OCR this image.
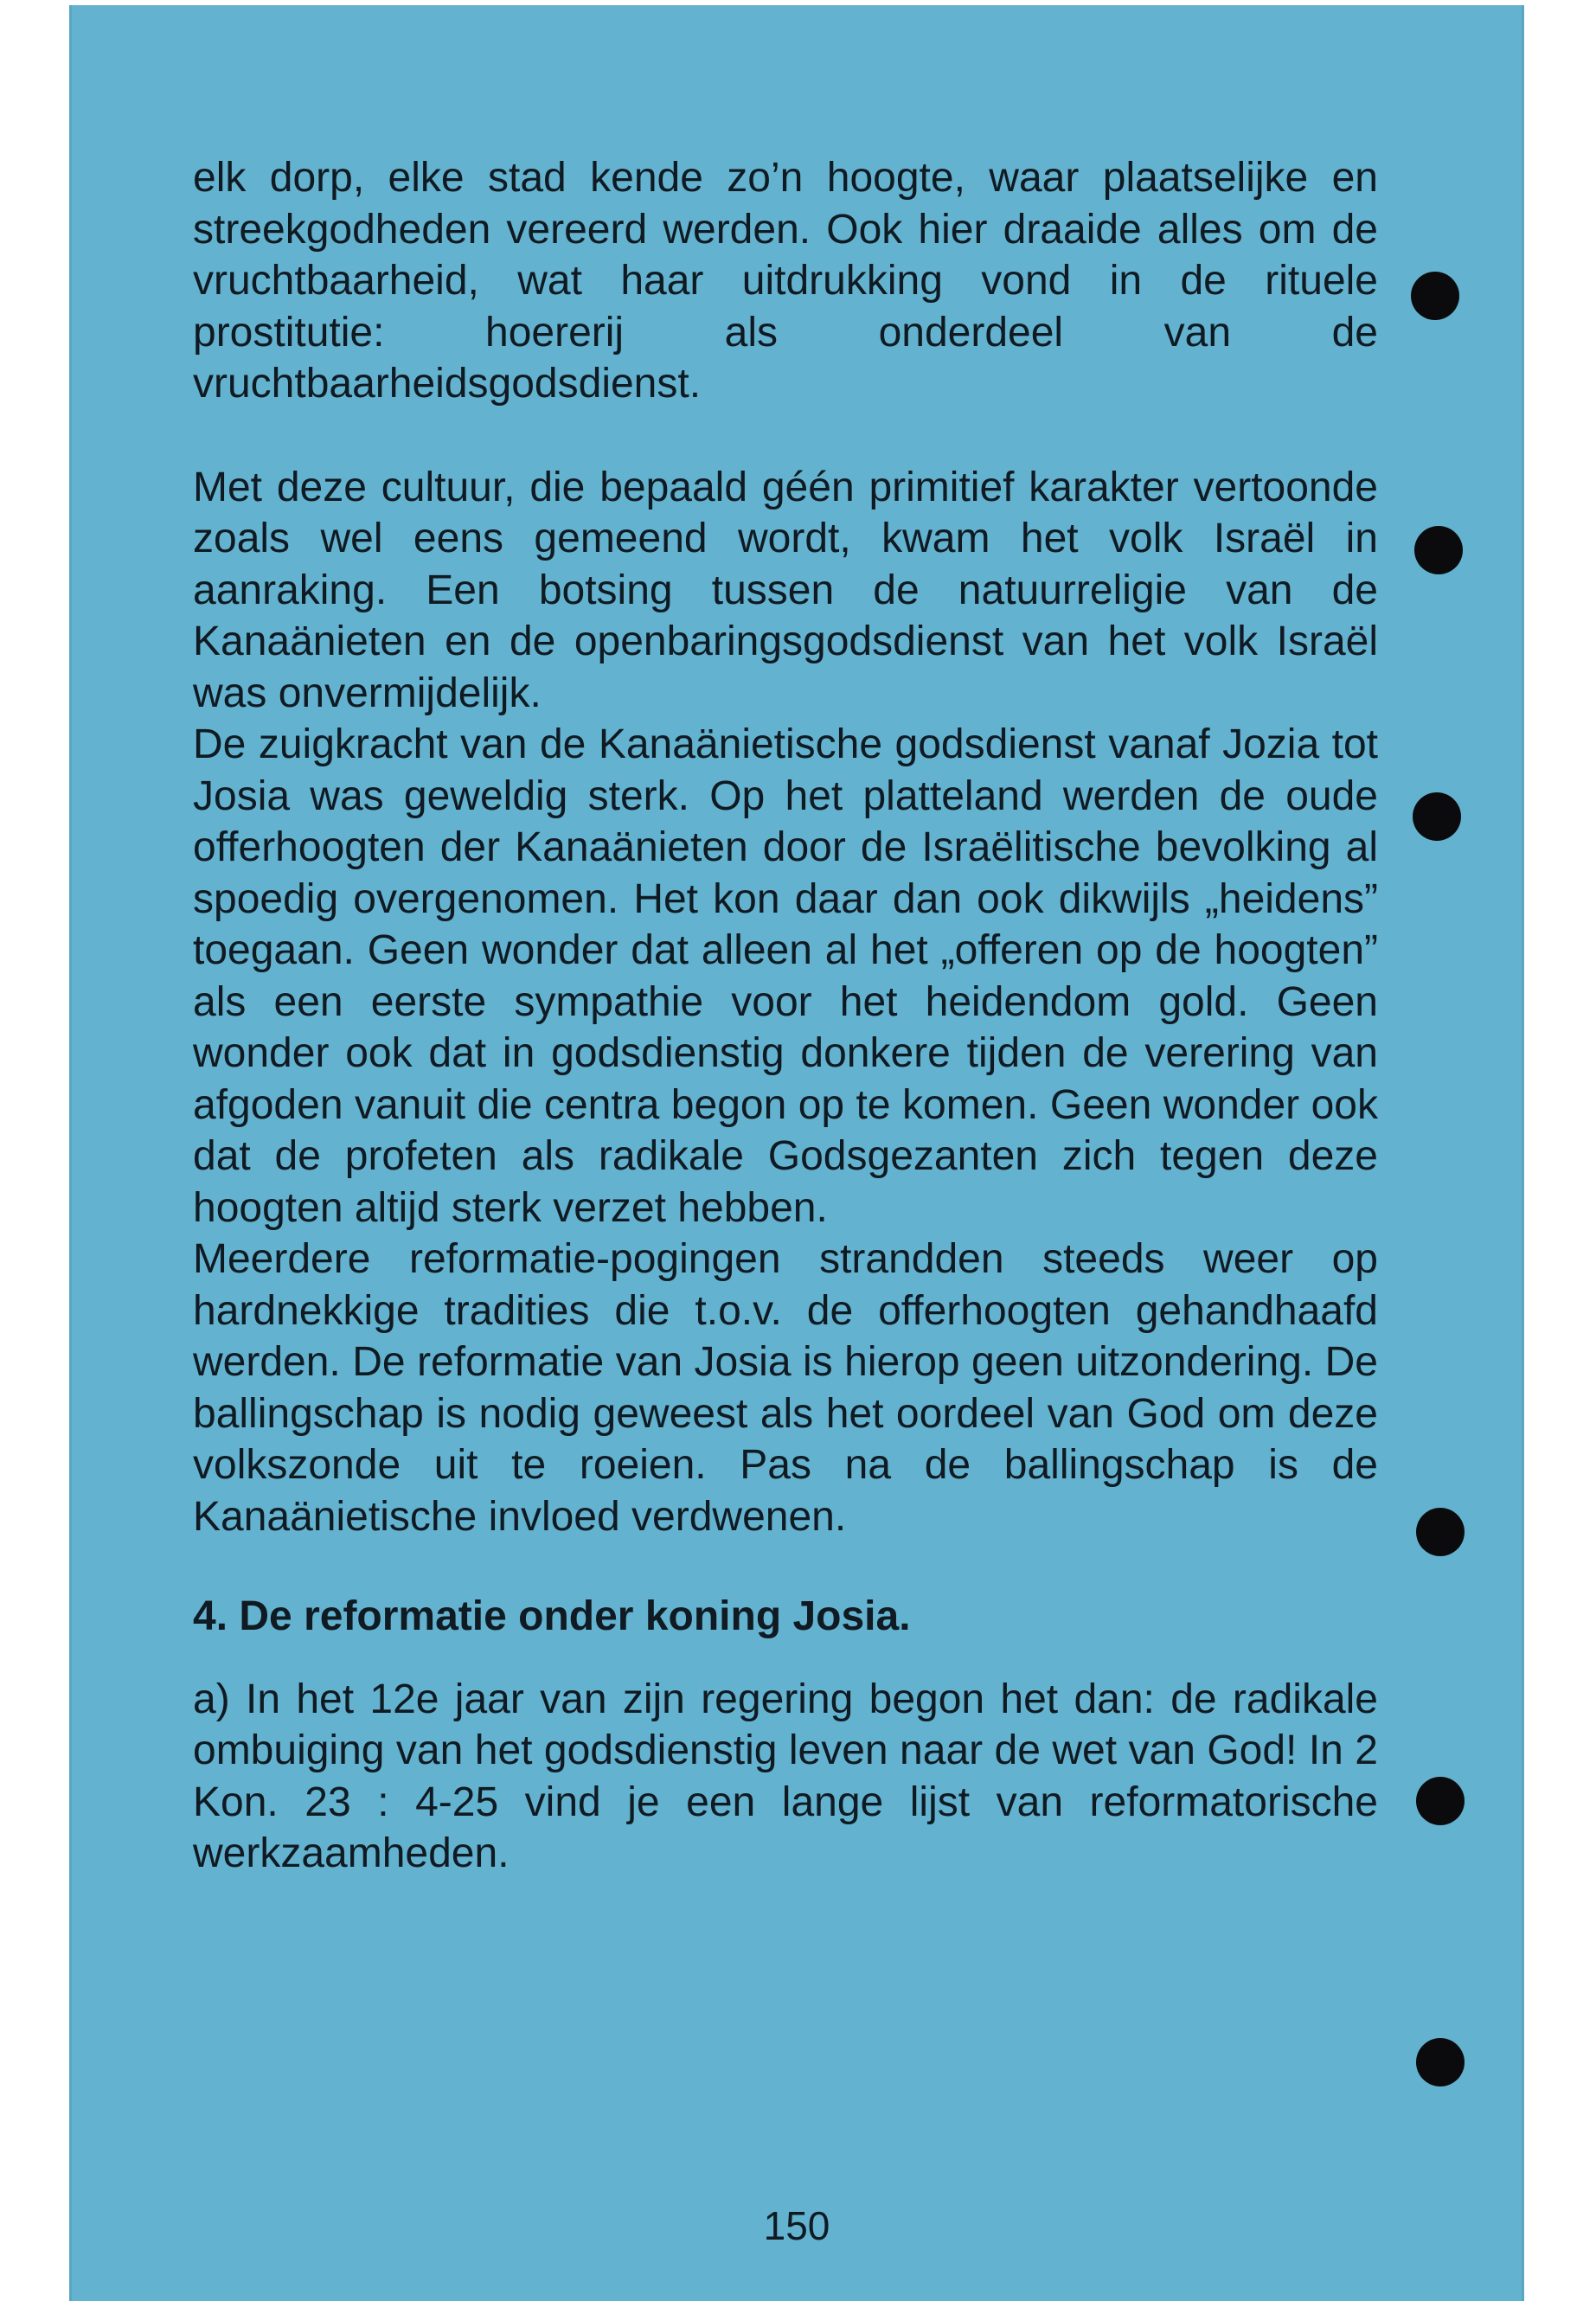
elk dorp, elke stad kende zo’n hoogte, waar plaatselijke en streekgodheden vereerd werden. Ook hier draaide alles om de vruchtbaarheid, wat haar uitdrukking vond in de rituele prostitutie: hoererij als onderdeel van de vruchtbaarheidsgodsdienst.

Met deze cultuur, die bepaald géén primitief karakter vertoonde zoals wel eens gemeend wordt, kwam het volk Israël in aanraking. Een botsing tussen de natuurreligie van de Kanaänieten en de openbaringsgodsdienst van het volk Israël was onvermijdelijk.

De zuigkracht van de Kanaänietische godsdienst vanaf Jozia tot Josia was geweldig sterk. Op het platteland werden de oude offerhoogten der Kanaänieten door de Israëlitische bevolking al spoedig overgenomen. Het kon daar dan ook dikwijls „heidens” toegaan. Geen wonder dat alleen al het „offeren op de hoogten” als een eerste sympathie voor het heidendom gold. Geen wonder ook dat in godsdienstig donkere tijden de verering van afgoden vanuit die centra begon op te komen. Geen wonder ook dat de profeten als radikale Godsgezanten zich tegen deze hoogten altijd sterk verzet hebben.

Meerdere reformatie-pogingen strandden steeds weer op hardnekkige tradities die t.o.v. de offerhoogten gehandhaafd werden. De reformatie van Josia is hierop geen uitzondering. De ballingschap is nodig geweest als het oordeel van God om deze volkszonde uit te roeien. Pas na de ballingschap is de Kanaänietische invloed verdwenen.

4. De reformatie onder koning Josia.

a) In het 12e jaar van zijn regering begon het dan: de radikale ombuiging van het godsdienstig leven naar de wet van God! In 2 Kon. 23 : 4-25 vind je een lange lijst van reformatorische werkzaamheden.

150
